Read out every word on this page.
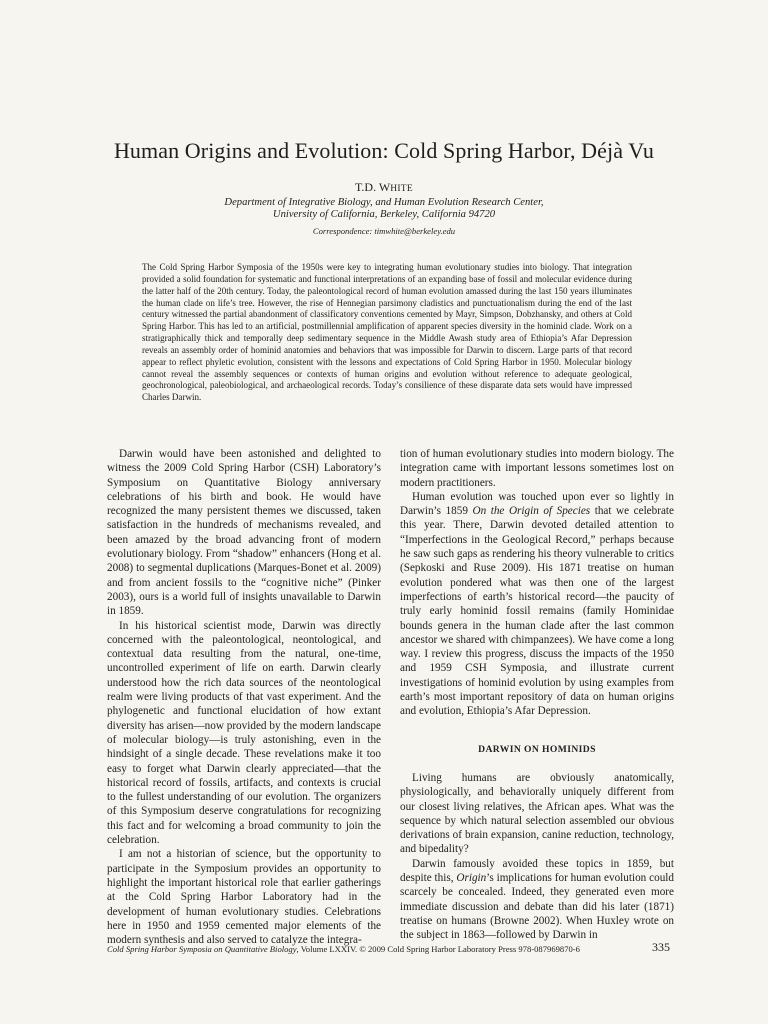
Human Origins and Evolution: Cold Spring Harbor, Déjà Vu
T.D. WHITE
Department of Integrative Biology, and Human Evolution Research Center,
University of California, Berkeley, California 94720
Correspondence: timwhite@berkeley.edu
The Cold Spring Harbor Symposia of the 1950s were key to integrating human evolutionary studies into biology. That integration provided a solid foundation for systematic and functional interpretations of an expanding base of fossil and molecular evidence during the latter half of the 20th century. Today, the paleontological record of human evolution amassed during the last 150 years illuminates the human clade on life’s tree. However, the rise of Hennegian parsimony cladistics and punctuationalism during the end of the last century witnessed the partial abandonment of classificatory conventions cemented by Mayr, Simpson, Dobzhansky, and others at Cold Spring Harbor. This has led to an artificial, postmillennial amplification of apparent species diversity in the hominid clade. Work on a stratigraphically thick and temporally deep sedimentary sequence in the Middle Awash study area of Ethiopia’s Afar Depression reveals an assembly order of hominid anatomies and behaviors that was impossible for Darwin to discern. Large parts of that record appear to reflect phyletic evolution, consistent with the lessons and expectations of Cold Spring Harbor in 1950. Molecular biology cannot reveal the assembly sequences or contexts of human origins and evolution without reference to adequate geological, geochronological, paleobiological, and archaeological records. Today’s consilience of these disparate data sets would have impressed Charles Darwin.

Darwin would have been astonished and delighted to witness the 2009 Cold Spring Harbor (CSH) Laboratory’s Symposium on Quantitative Biology anniversary celebrations of his birth and book. He would have recognized the many persistent themes we discussed, taken satisfaction in the hundreds of mechanisms revealed, and been amazed by the broad advancing front of modern evolutionary biology. From “shadow” enhancers (Hong et al. 2008) to segmental duplications (Marques-Bonet et al. 2009) and from ancient fossils to the “cognitive niche” (Pinker 2003), ours is a world full of insights unavailable to Darwin in 1859.

In his historical scientist mode, Darwin was directly concerned with the paleontological, neontological, and contextual data resulting from the natural, one-time, uncontrolled experiment of life on earth. Darwin clearly understood how the rich data sources of the neontological realm were living products of that vast experiment. And the phylogenetic and functional elucidation of how extant diversity has arisen—now provided by the modern landscape of molecular biology—is truly astonishing, even in the hindsight of a single decade. These revelations make it too easy to forget what Darwin clearly appreciated—that the historical record of fossils, artifacts, and contexts is crucial to the fullest understanding of our evolution. The organizers of this Symposium deserve congratulations for recognizing this fact and for welcoming a broad community to join the celebration.

I am not a historian of science, but the opportunity to participate in the Symposium provides an opportunity to highlight the important historical role that earlier gatherings at the Cold Spring Harbor Laboratory had in the development of human evolutionary studies. Celebrations here in 1950 and 1959 cemented major elements of the modern synthesis and also served to catalyze the integra-

tion of human evolutionary studies into modern biology. The integration came with important lessons sometimes lost on modern practitioners.

Human evolution was touched upon ever so lightly in Darwin’s 1859 On the Origin of Species that we celebrate this year. There, Darwin devoted detailed attention to “Imperfections in the Geological Record,” perhaps because he saw such gaps as rendering his theory vulnerable to critics (Sepkoski and Ruse 2009). His 1871 treatise on human evolution pondered what was then one of the largest imperfections of earth’s historical record—the paucity of truly early hominid fossil remains (family Hominidae bounds genera in the human clade after the last common ancestor we shared with chimpanzees). We have come a long way. I review this progress, discuss the impacts of the 1950 and 1959 CSH Symposia, and illustrate current investigations of hominid evolution by using examples from earth’s most important repository of data on human origins and evolution, Ethiopia’s Afar Depression.

DARWIN ON HOMINIDS

Living humans are obviously anatomically, physiologically, and behaviorally uniquely different from our closest living relatives, the African apes. What was the sequence by which natural selection assembled our obvious derivations of brain expansion, canine reduction, technology, and bipedality?

Darwin famously avoided these topics in 1859, but despite this, Origin’s implications for human evolution could scarcely be concealed. Indeed, they generated even more immediate discussion and debate than did his later (1871) treatise on humans (Browne 2002). When Huxley wrote on the subject in 1863—followed by Darwin in

Cold Spring Harbor Symposia on Quantitative Biology, Volume LXXIV. © 2009 Cold Spring Harbor Laboratory Press 978-087969870-6	335
